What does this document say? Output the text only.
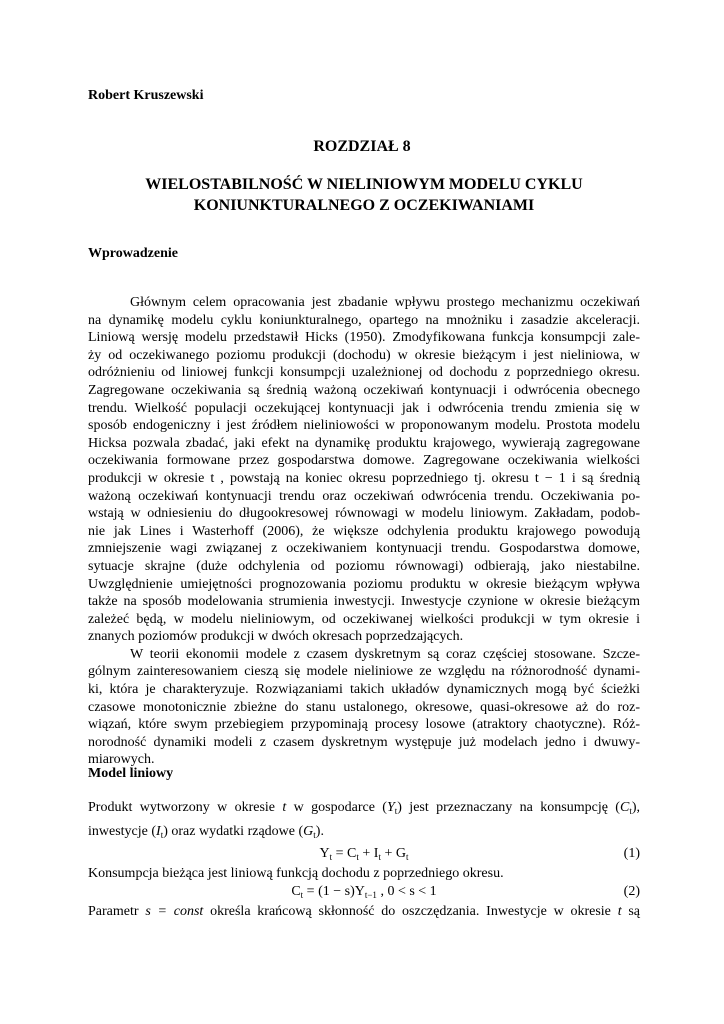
Robert Kruszewski
ROZDZIAŁ 8
WIELOSTABILNOŚĆ W NIELINIOWYM MODELU CYKLU
KONIUNKTURALNEGO Z OCZEKIWANIAMI
Wprowadzenie
Głównym celem opracowania jest zbadanie wpływu prostego mechanizmu oczekiwań
na dynamikę modelu cyklu koniunkturalnego, opartego na mnożniku i zasadzie akceleracji.
Liniową wersję modelu przedstawił Hicks (1950). Zmodyfikowana funkcja konsumpcji zale-
ży od oczekiwanego poziomu produkcji (dochodu) w okresie bieżącym i jest nieliniowa, w
odróżnieniu od liniowej funkcji konsumpcji uzależnionej od dochodu z poprzedniego okresu.
Zagregowane oczekiwania są średnią ważoną oczekiwań kontynuacji i odwrócenia obecnego
trendu. Wielkość populacji oczekującej kontynuacji jak i odwrócenia trendu zmienia się w
sposób endogeniczny i jest źródłem nieliniowości w proponowanym modelu. Prostota modelu
Hicksa pozwala zbadać, jaki efekt na dynamikę produktu krajowego, wywierają zagregowane
oczekiwania formowane przez gospodarstwa domowe. Zagregowane oczekiwania wielkości
produkcji w okresie t , powstają na koniec okresu poprzedniego tj. okresu t − 1 i są średnią
ważoną oczekiwań kontynuacji trendu oraz oczekiwań odwrócenia trendu. Oczekiwania po-
wstają w odniesieniu do długookresowej równowagi w modelu liniowym. Zakładam, podob-
nie jak Lines i Wasterhoff (2006), że większe odchylenia produktu krajowego powodują
zmniejszenie wagi związanej z oczekiwaniem kontynuacji trendu. Gospodarstwa domowe,
sytuacje skrajne (duże odchylenia od poziomu równowagi) odbierają, jako niestabilne.
Uwzględnienie umiejętności prognozowania poziomu produktu w okresie bieżącym wpływa
także na sposób modelowania strumienia inwestycji. Inwestycje czynione w okresie bieżącym
zależeć będą, w modelu nieliniowym, od oczekiwanej wielkości produkcji w tym okresie i
znanych poziomów produkcji w dwóch okresach poprzedzających.
W teorii ekonomii modele z czasem dyskretnym są coraz częściej stosowane. Szcze-
gólnym zainteresowaniem cieszą się modele nieliniowe ze względu na różnorodność dynami-
ki, która je charakteryzuje. Rozwiązaniami takich układów dynamicznych mogą być ścieżki
czasowe monotonicznie zbieżne do stanu ustalonego, okresowe, quasi-okresowe aż do roz-
wiązań, które swym przebiegiem przypominają procesy losowe (atraktory chaotyczne). Róż-
norodność dynamiki modeli z czasem dyskretnym występuje już modelach jedno i dwuwy-
miarowych.
Model liniowy
Produkt wytworzony w okresie t w gospodarce $(Y_t)$ jest przeznaczany na konsumpcję $(C_t)$,
inwestycje $(I_t)$ oraz wydatki rządowe $(G_t)$.
$Y_t = C_t + I_t + G_t$	(1)
Konsumpcja bieżąca jest liniową funkcją dochodu z poprzedniego okresu.
$C_t = (1 - s)Y_{t-1}$ , 0 < s < 1	(2)
Parametr s = const określa krańcową skłonność do oszczędzania. Inwestycje w okresie t są
